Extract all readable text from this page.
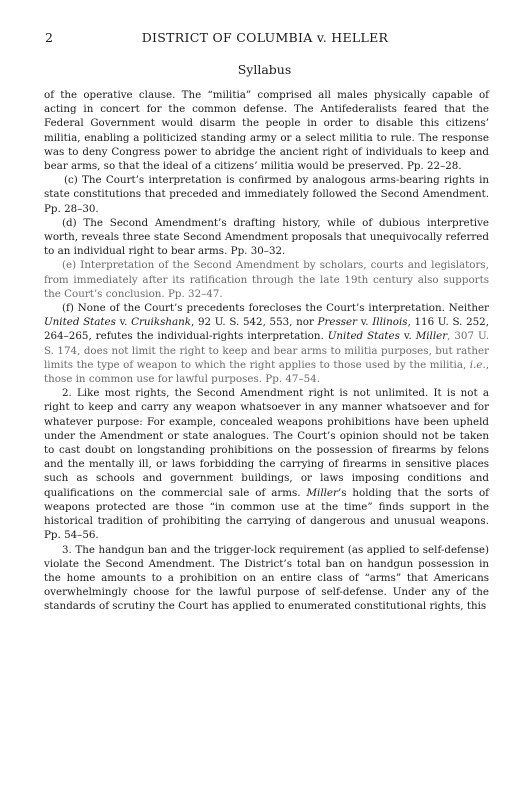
2	DISTRICT OF COLUMBIA v. HELLER
Syllabus

of the operative clause. The “militia” comprised all males physically capable of acting in concert for the common defense. The Antifederalists feared that the Federal Government would disarm the people in order to disable this citizens’ militia, enabling a politicized standing army or a select militia to rule. The response was to deny Congress power to abridge the ancient right of individuals to keep and bear arms, so that the ideal of a citizens’ militia would be preserved. Pp. 22–28.

(c) The Court’s interpretation is confirmed by analogous arms-bearing rights in state constitutions that preceded and immediately followed the Second Amendment. Pp. 28–30.

(d) The Second Amendment’s drafting history, while of dubious interpretive worth, reveals three state Second Amendment proposals that unequivocally referred to an individual right to bear arms. Pp. 30–32.

(e) Interpretation of the Second Amendment by scholars, courts and legislators, from immediately after its ratification through the late 19th century also supports the Court’s conclusion. Pp. 32–47.

(f) None of the Court’s precedents forecloses the Court’s interpretation. Neither United States v. Cruikshank, 92 U. S. 542, 553, nor Presser v. Illinois, 116 U. S. 252, 264–265, refutes the individual-rights interpretation. United States v. Miller, 307 U. S. 174, does not limit the right to keep and bear arms to militia purposes, but rather limits the type of weapon to which the right applies to those used by the militia, i.e., those in common use for lawful purposes. Pp. 47–54.

2. Like most rights, the Second Amendment right is not unlimited. It is not a right to keep and carry any weapon whatsoever in any manner whatsoever and for whatever purpose: For example, concealed weapons prohibitions have been upheld under the Amendment or state analogues. The Court’s opinion should not be taken to cast doubt on longstanding prohibitions on the possession of firearms by felons and the mentally ill, or laws forbidding the carrying of firearms in sensitive places such as schools and government buildings, or laws imposing conditions and qualifications on the commercial sale of arms. Miller’s holding that the sorts of weapons protected are those “in common use at the time” finds support in the historical tradition of prohibiting the carrying of dangerous and unusual weapons. Pp. 54–56.

3. The handgun ban and the trigger-lock requirement (as applied to self-defense) violate the Second Amendment. The District’s total ban on handgun possession in the home amounts to a prohibition on an entire class of “arms” that Americans overwhelmingly choose for the lawful purpose of self-defense. Under any of the standards of scrutiny the Court has applied to enumerated constitutional rights, this
